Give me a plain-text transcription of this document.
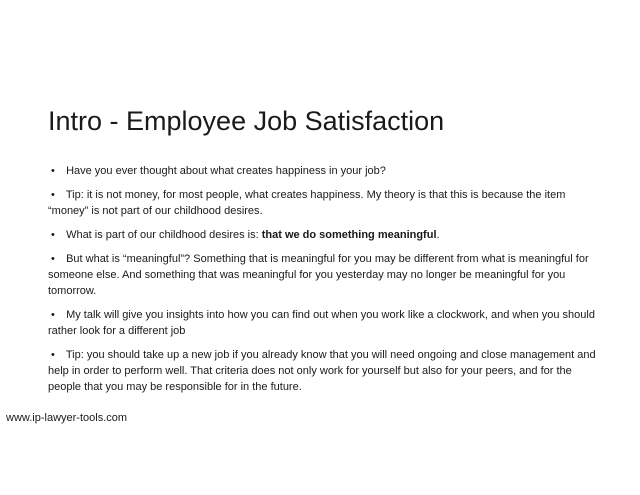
Intro - Employee Job Satisfaction
• Have you ever thought about what creates happiness in your job?
• Tip: it is not money, for most people, what creates happiness. My theory is that this is because the item “money” is not part of our childhood desires.
• What is part of our childhood desires is: that we do something meaningful.
• But what is “meaningful”? Something that is meaningful for you may be different from what is meaningful for someone else. And something that was meaningful for you yesterday may no longer be meaningful for you tomorrow.
• My talk will give you insights into how you can find out when you work like a clockwork, and when you should rather look for a different job
• Tip: you should take up a new job if you already know that you will need ongoing and close management and help in order to perform well. That criteria does not only work for yourself but also for your peers, and for the people that you may be responsible for in the future.
www.ip-lawyer-tools.com
